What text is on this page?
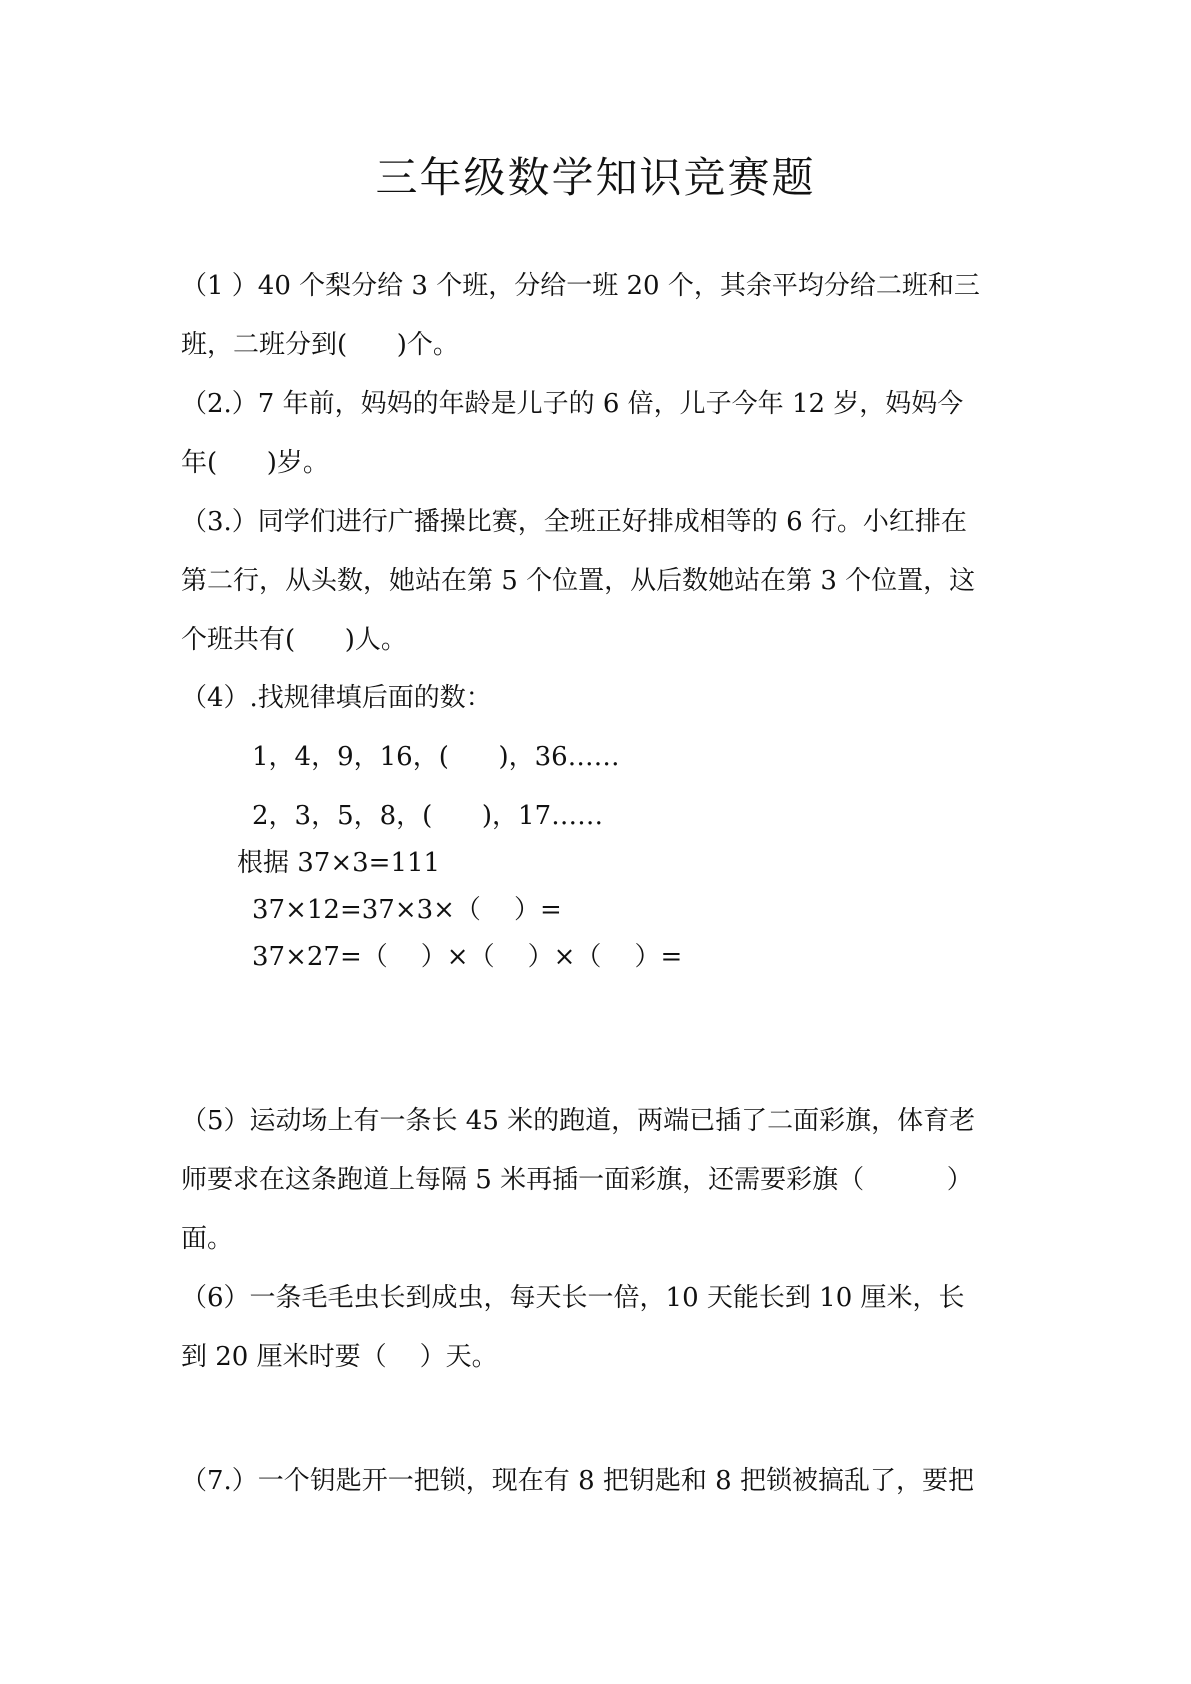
三年级数学知识竞赛题
（1 ）40 个梨分给 3 个班，分给一班 20 个，其余平均分给二班和三
班，二班分到(      )个。
（2.）7 年前，妈妈的年龄是儿子的 6 倍，儿子今年 12 岁，妈妈今
年(      )岁。
（3.）同学们进行广播操比赛，全班正好排成相等的 6 行。小红排在
第二行，从头数，她站在第 5 个位置，从后数她站在第 3 个位置，这
个班共有(      )人。
（4）.找规律填后面的数：
1，4，9，16，(      )，36……
2，3，5，8，(      )，17……
根据 37×3=111
37×12=37×3×（    ）=
37×27=（    ）×（    ）×（    ）=
（5）运动场上有一条长 45 米的跑道，两端已插了二面彩旗，体育老
师要求在这条跑道上每隔 5 米再插一面彩旗，还需要彩旗（          ）
面。
（6）一条毛毛虫长到成虫，每天长一倍，10 天能长到 10 厘米，长
到 20 厘米时要（    ）天。
（7.）一个钥匙开一把锁，现在有 8 把钥匙和 8 把锁被搞乱了，要把
